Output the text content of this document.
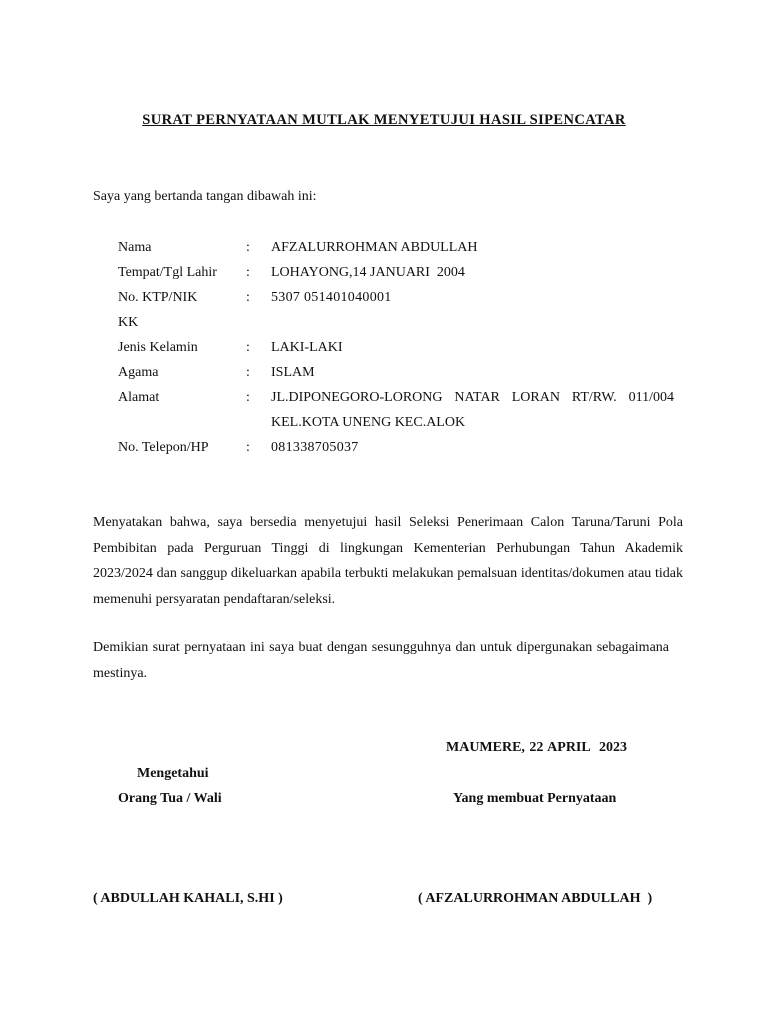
SURAT PERNYATAAN MUTLAK MENYETUJUI HASIL SIPENCATAR
Saya yang bertanda tangan dibawah ini:
Nama	: AFZALURROHMAN ABDULLAH
Tempat/Tgl Lahir	: LOHAYONG,14 JANUARI  2004
No. KTP/NIK	: 5307 051401040001
KK
Jenis Kelamin	: LAKI-LAKI
Agama	: ISLAM
Alamat	: JL.DIPONEGORO-LORONG NATAR LORAN RT/RW. 011/004 KEL.KOTA UNENG KEC.ALOK
No. Telepon/HP	: 081338705037
Menyatakan bahwa, saya bersedia menyetujui hasil Seleksi Penerimaan Calon Taruna/Taruni Pola Pembibitan pada Perguruan Tinggi di lingkungan Kementerian Perhubungan Tahun Akademik 2023/2024 dan sanggup dikeluarkan apabila terbukti melakukan pemalsuan identitas/dokumen atau tidak memenuhi persyaratan pendaftaran/seleksi.
Demikian surat pernyataan ini saya buat dengan sesungguhnya dan untuk dipergunakan sebagaimana mestinya.
MAUMERE, 22 APRIL  2023
Mengetahui
Orang Tua / Wali	Yang membuat Pernyataan
( ABDULLAH KAHALI, S.HI )	( AFZALURROHMAN ABDULLAH  )
